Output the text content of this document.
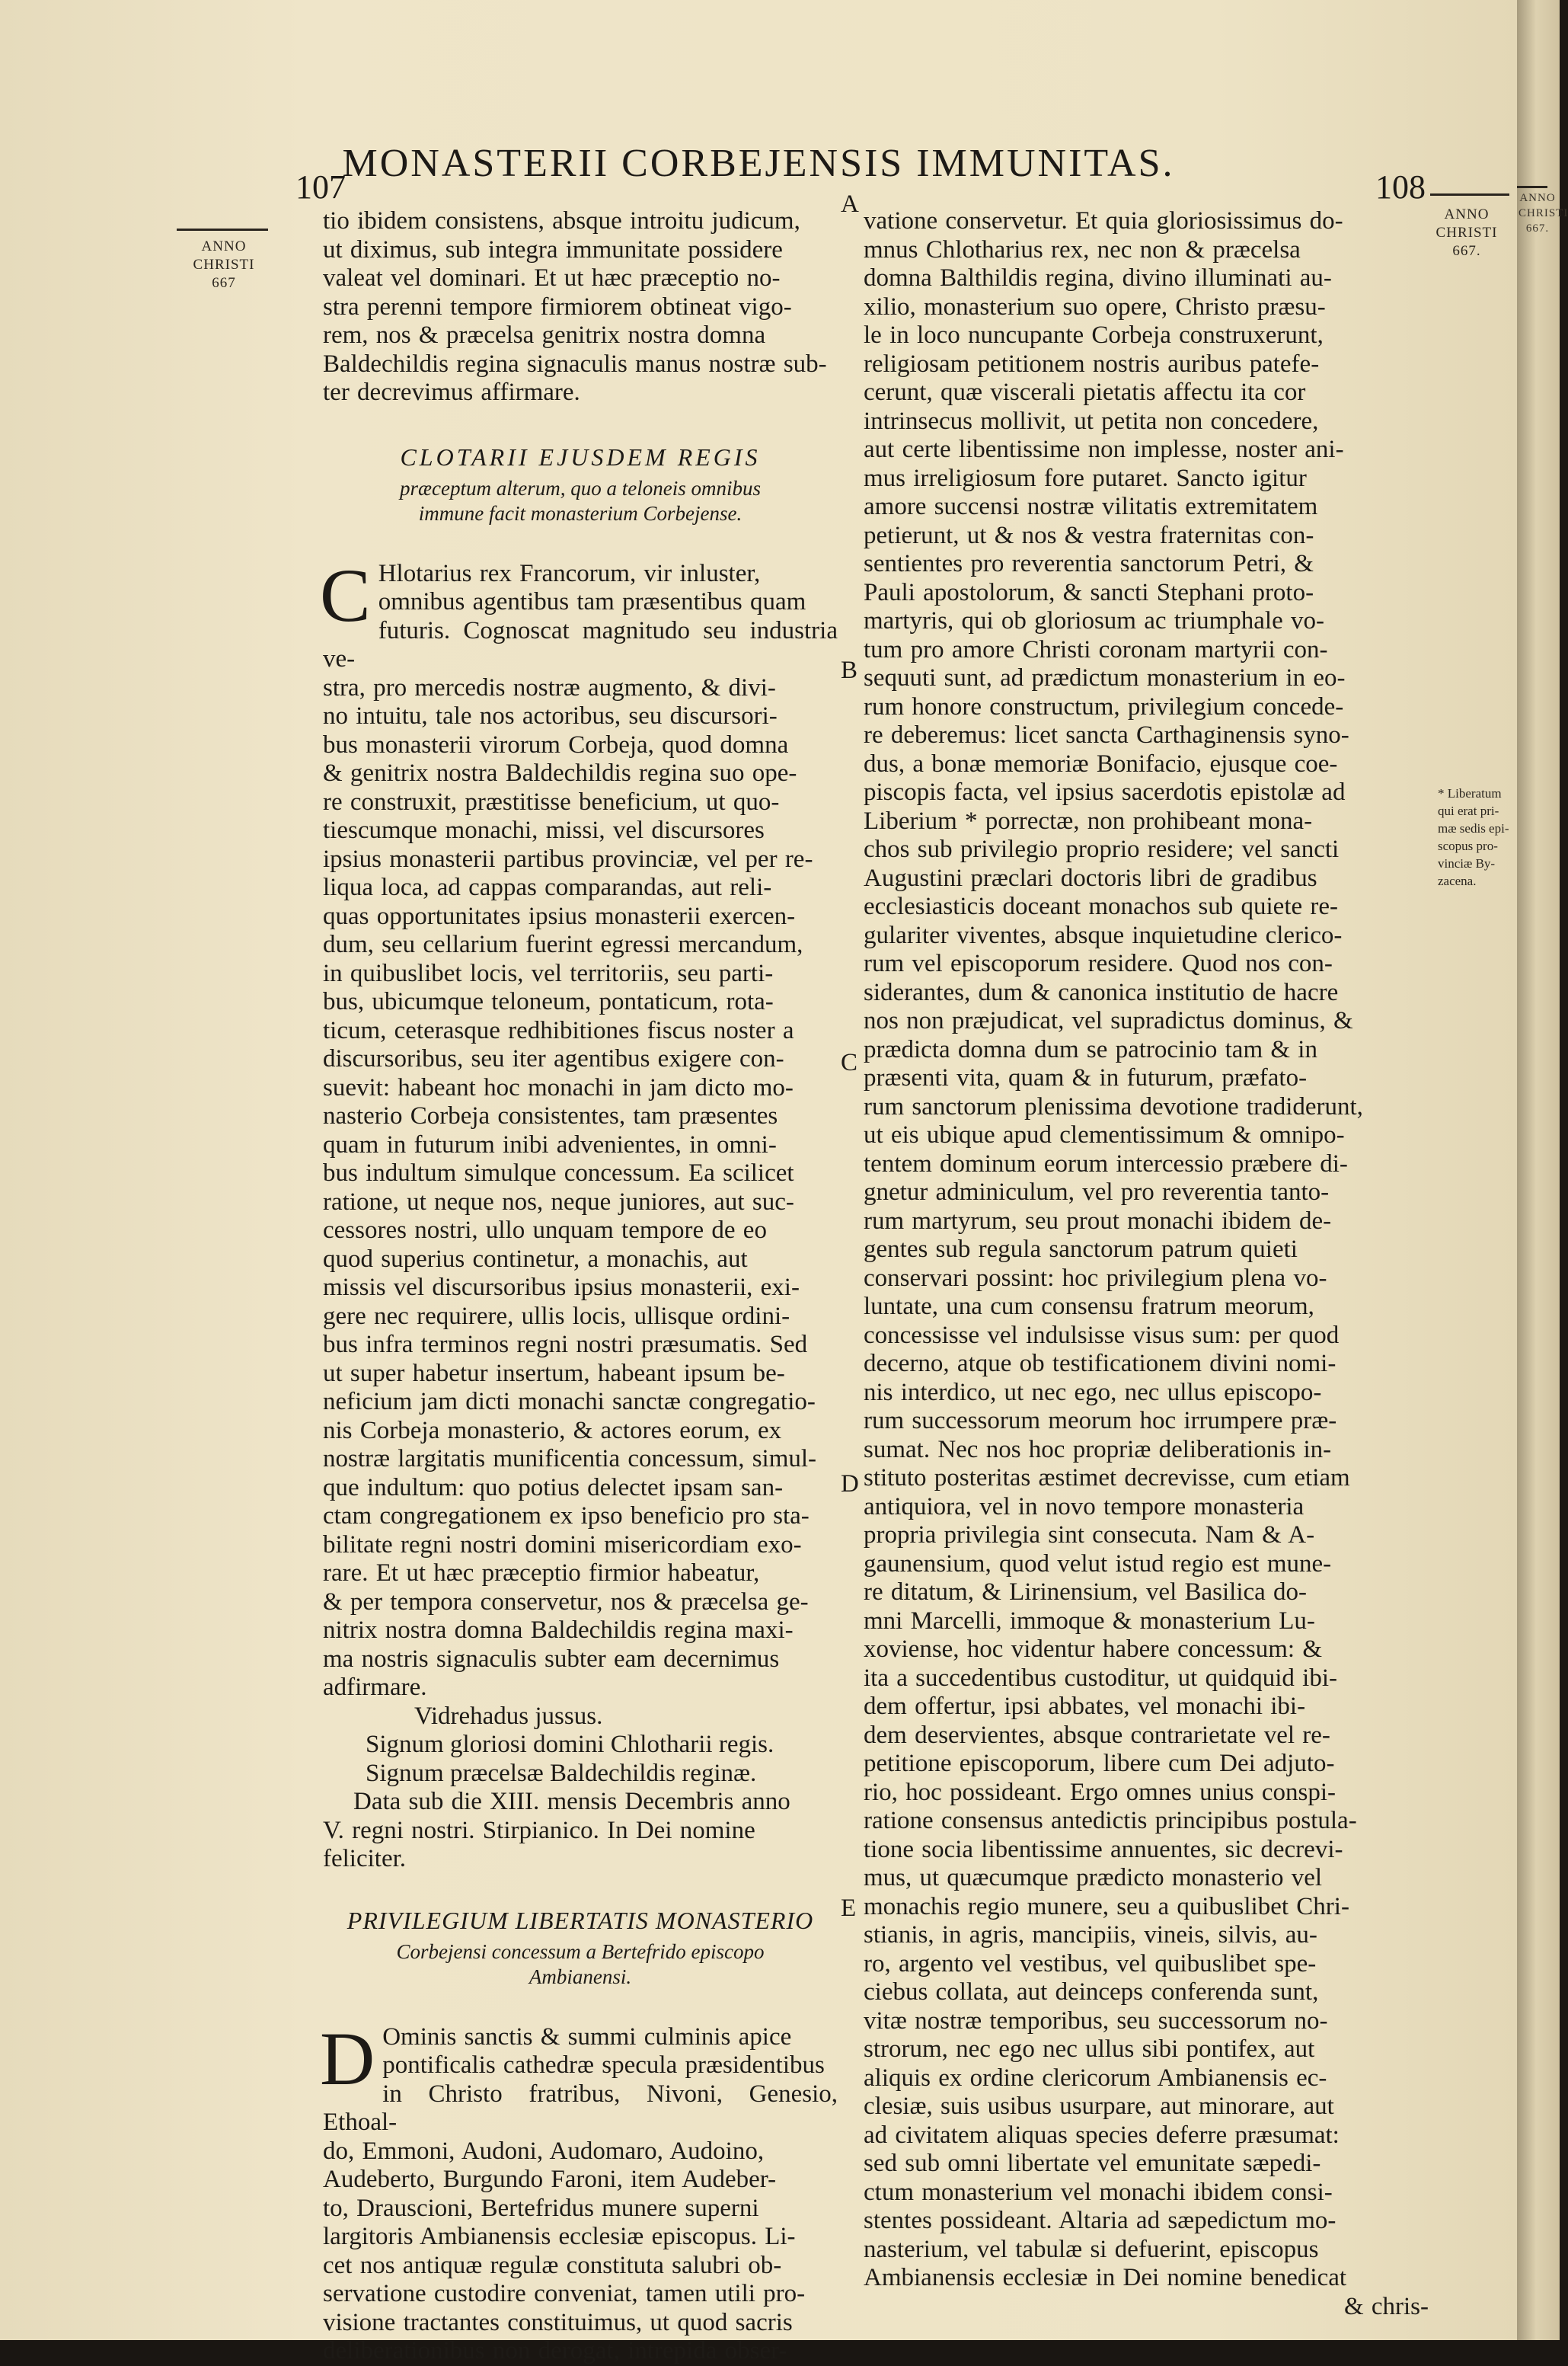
107
MONASTERII CORBEJENSIS IMMUNITAS.
108
ANNO
CHRISTI
667
ANNO
CHRISTI
667.
* Liberatum
qui erat pri-
mæ sedis epi-
scopus pro-
vinciæ By-
zacena.
A
B
C
D
E

tio ibidem consistens, absque introitu judicum,
ut diximus, sub integra immunitate possidere
valeat vel dominari. Et ut hæc præceptio no-
stra perenni tempore firmiorem obtineat vigo-
rem, nos & præcelsa genitrix nostra domna
Baldechildis regina signaculis manus nostræ sub-
ter decrevimus affirmare.

CLOTARII EJUSDEM REGIS
præceptum alterum, quo a teloneis omnibus
immune facit monasterium Corbejense.

C Hlotarius rex Francorum, vir inluster,
omnibus agentibus tam præsentibus quam
futuris. Cognoscat magnitudo seu industria ve-
stra, pro mercedis nostræ augmento, & divi-
no intuitu, tale nos actoribus, seu discursori-
bus monasterii virorum Corbeja, quod domna
& genitrix nostra Baldechildis regina suo ope-
re construxit, præstitisse beneficium, ut quo-
tiescumque monachi, missi, vel discursores
ipsius monasterii partibus provinciæ, vel per re-
liqua loca, ad cappas comparandas, aut reli-
quas opportunitates ipsius monasterii exercen-
dum, seu cellarium fuerint egressi mercandum,
in quibuslibet locis, vel territoriis, seu parti-
bus, ubicumque teloneum, pontaticum, rota-
ticum, ceterasque redhibitiones fiscus noster a
discursoribus, seu iter agentibus exigere con-
suevit: habeant hoc monachi in jam dicto mo-
nasterio Corbeja consistentes, tam præsentes
quam in futurum inibi advenientes, in omni-
bus indultum simulque concessum. Ea scilicet
ratione, ut neque nos, neque juniores, aut suc-
cessores nostri, ullo unquam tempore de eo
quod superius continetur, a monachis, aut
missis vel discursoribus ipsius monasterii, exi-
gere nec requirere, ullis locis, ullisque ordini-
bus infra terminos regni nostri præsumatis. Sed
ut super habetur insertum, habeant ipsum be-
neficium jam dicti monachi sanctæ congregatio-
nis Corbeja monasterio, & actores eorum, ex
nostræ largitatis munificentia concessum, simul-
que indultum: quo potius delectet ipsam san-
ctam congregationem ex ipso beneficio pro sta-
bilitate regni nostri domini misericordiam exo-
rare. Et ut hæc præceptio firmior habeatur,
& per tempora conservetur, nos & præcelsa ge-
nitrix nostra domna Baldechildis regina maxi-
ma nostris signaculis subter eam decernimus
adfirmare.

Vidrehadus jussus.

Signum gloriosi domini Chlotharii regis.

Signum præcelsæ Baldechildis reginæ.

Data sub die XIII. mensis Decembris anno
V. regni nostri. Stirpianico. In Dei nomine
feliciter.

PRIVILEGIUM LIBERTATIS MONASTERIO
Corbejensi concessum a Bertefrido episcopo
Ambianensi.

D Ominis sanctis & summi culminis apice
pontificalis cathedræ specula præsidentibus
in Christo fratribus, Nivoni, Genesio, Ethoal-
do, Emmoni, Audoni, Audomaro, Audoino,
Audeberto, Burgundo Faroni, item Audeber-
to, Drauscioni, Bertefridus munere superni
largitoris Ambianensis ecclesiæ episcopus. Li-
cet nos antiquæ regulæ constituta salubri ob-
servatione custodire conveniat, tamen utili pro-
visione tractantes constituimus, ut quod sacris
deliberationibus non derogat, intrepida obser-

vatione conservetur. Et quia gloriosissimus do-
mnus Chlotharius rex, nec non & præcelsa
domna Balthildis regina, divino illuminati au-
xilio, monasterium suo opere, Christo præsu-
le in loco nuncupante Corbeja construxerunt,
religiosam petitionem nostris auribus patefe-
cerunt, quæ viscerali pietatis affectu ita cor
intrinsecus mollivit, ut petita non concedere,
aut certe libentissime non implesse, noster ani-
mus irreligiosum fore putaret. Sancto igitur
amore succensi nostræ vilitatis extremitatem
petierunt, ut & nos & vestra fraternitas con-
sentientes pro reverentia sanctorum Petri, &
Pauli apostolorum, & sancti Stephani proto-
martyris, qui ob gloriosum ac triumphale vo-
tum pro amore Christi coronam martyrii con-
sequuti sunt, ad prædictum monasterium in eo-
rum honore constructum, privilegium concede-
re deberemus: licet sancta Carthaginensis syno-
dus, a bonæ memoriæ Bonifacio, ejusque coe-
piscopis facta, vel ipsius sacerdotis epistolæ ad
Liberium * porrectæ, non prohibeant mona-
chos sub privilegio proprio residere; vel sancti
Augustini præclari doctoris libri de gradibus
ecclesiasticis doceant monachos sub quiete re-
gulariter viventes, absque inquietudine clerico-
rum vel episcoporum residere. Quod nos con-
siderantes, dum & canonica institutio de hacre
nos non præjudicat, vel supradictus dominus, &
prædicta domna dum se patrocinio tam & in
præsenti vita, quam & in futurum, præfato-
rum sanctorum plenissima devotione tradiderunt,
ut eis ubique apud clementissimum & omnipo-
tentem dominum eorum intercessio præbere di-
gnetur adminiculum, vel pro reverentia tanto-
rum martyrum, seu prout monachi ibidem de-
gentes sub regula sanctorum patrum quieti
conservari possint: hoc privilegium plena vo-
luntate, una cum consensu fratrum meorum,
concessisse vel indulsisse visus sum: per quod
decerno, atque ob testificationem divini nomi-
nis interdico, ut nec ego, nec ullus episcopo-
rum successorum meorum hoc irrumpere præ-
sumat. Nec nos hoc propriæ deliberationis in-
stituto posteritas æstimet decrevisse, cum etiam
antiquiora, vel in novo tempore monasteria
propria privilegia sint consecuta. Nam & A-
gaunensium, quod velut istud regio est mune-
re ditatum, & Lirinensium, vel Basilica do-
mni Marcelli, immoque & monasterium Lu-
xoviense, hoc videntur habere concessum: &
ita a succedentibus custoditur, ut quidquid ibi-
dem offertur, ipsi abbates, vel monachi ibi-
dem deservientes, absque contrarietate vel re-
petitione episcoporum, libere cum Dei adjuto-
rio, hoc possideant. Ergo omnes unius conspi-
ratione consensus antedictis principibus postula-
tione socia libentissime annuentes, sic decrevi-
mus, ut quæcumque prædicto monasterio vel
monachis regio munere, seu a quibuslibet Chri-
stianis, in agris, mancipiis, vineis, silvis, au-
ro, argento vel vestibus, vel quibuslibet spe-
ciebus collata, aut deinceps conferenda sunt,
vitæ nostræ temporibus, seu successorum no-
strorum, nec ego nec ullus sibi pontifex, aut
aliquis ex ordine clericorum Ambianensis ec-
clesiæ, suis usibus usurpare, aut minorare, aut
ad civitatem aliquas species deferre præsumat:
sed sub omni libertate vel emunitate sæpedi-
ctum monasterium vel monachi ibidem consi-
stentes possideant. Altaria ad sæpedictum mo-
nasterium, vel tabulæ si defuerint, episcopus
Ambianensis ecclesiæ in Dei nomine benedicat

& chris-

ANNO
CHRISTI
667.
